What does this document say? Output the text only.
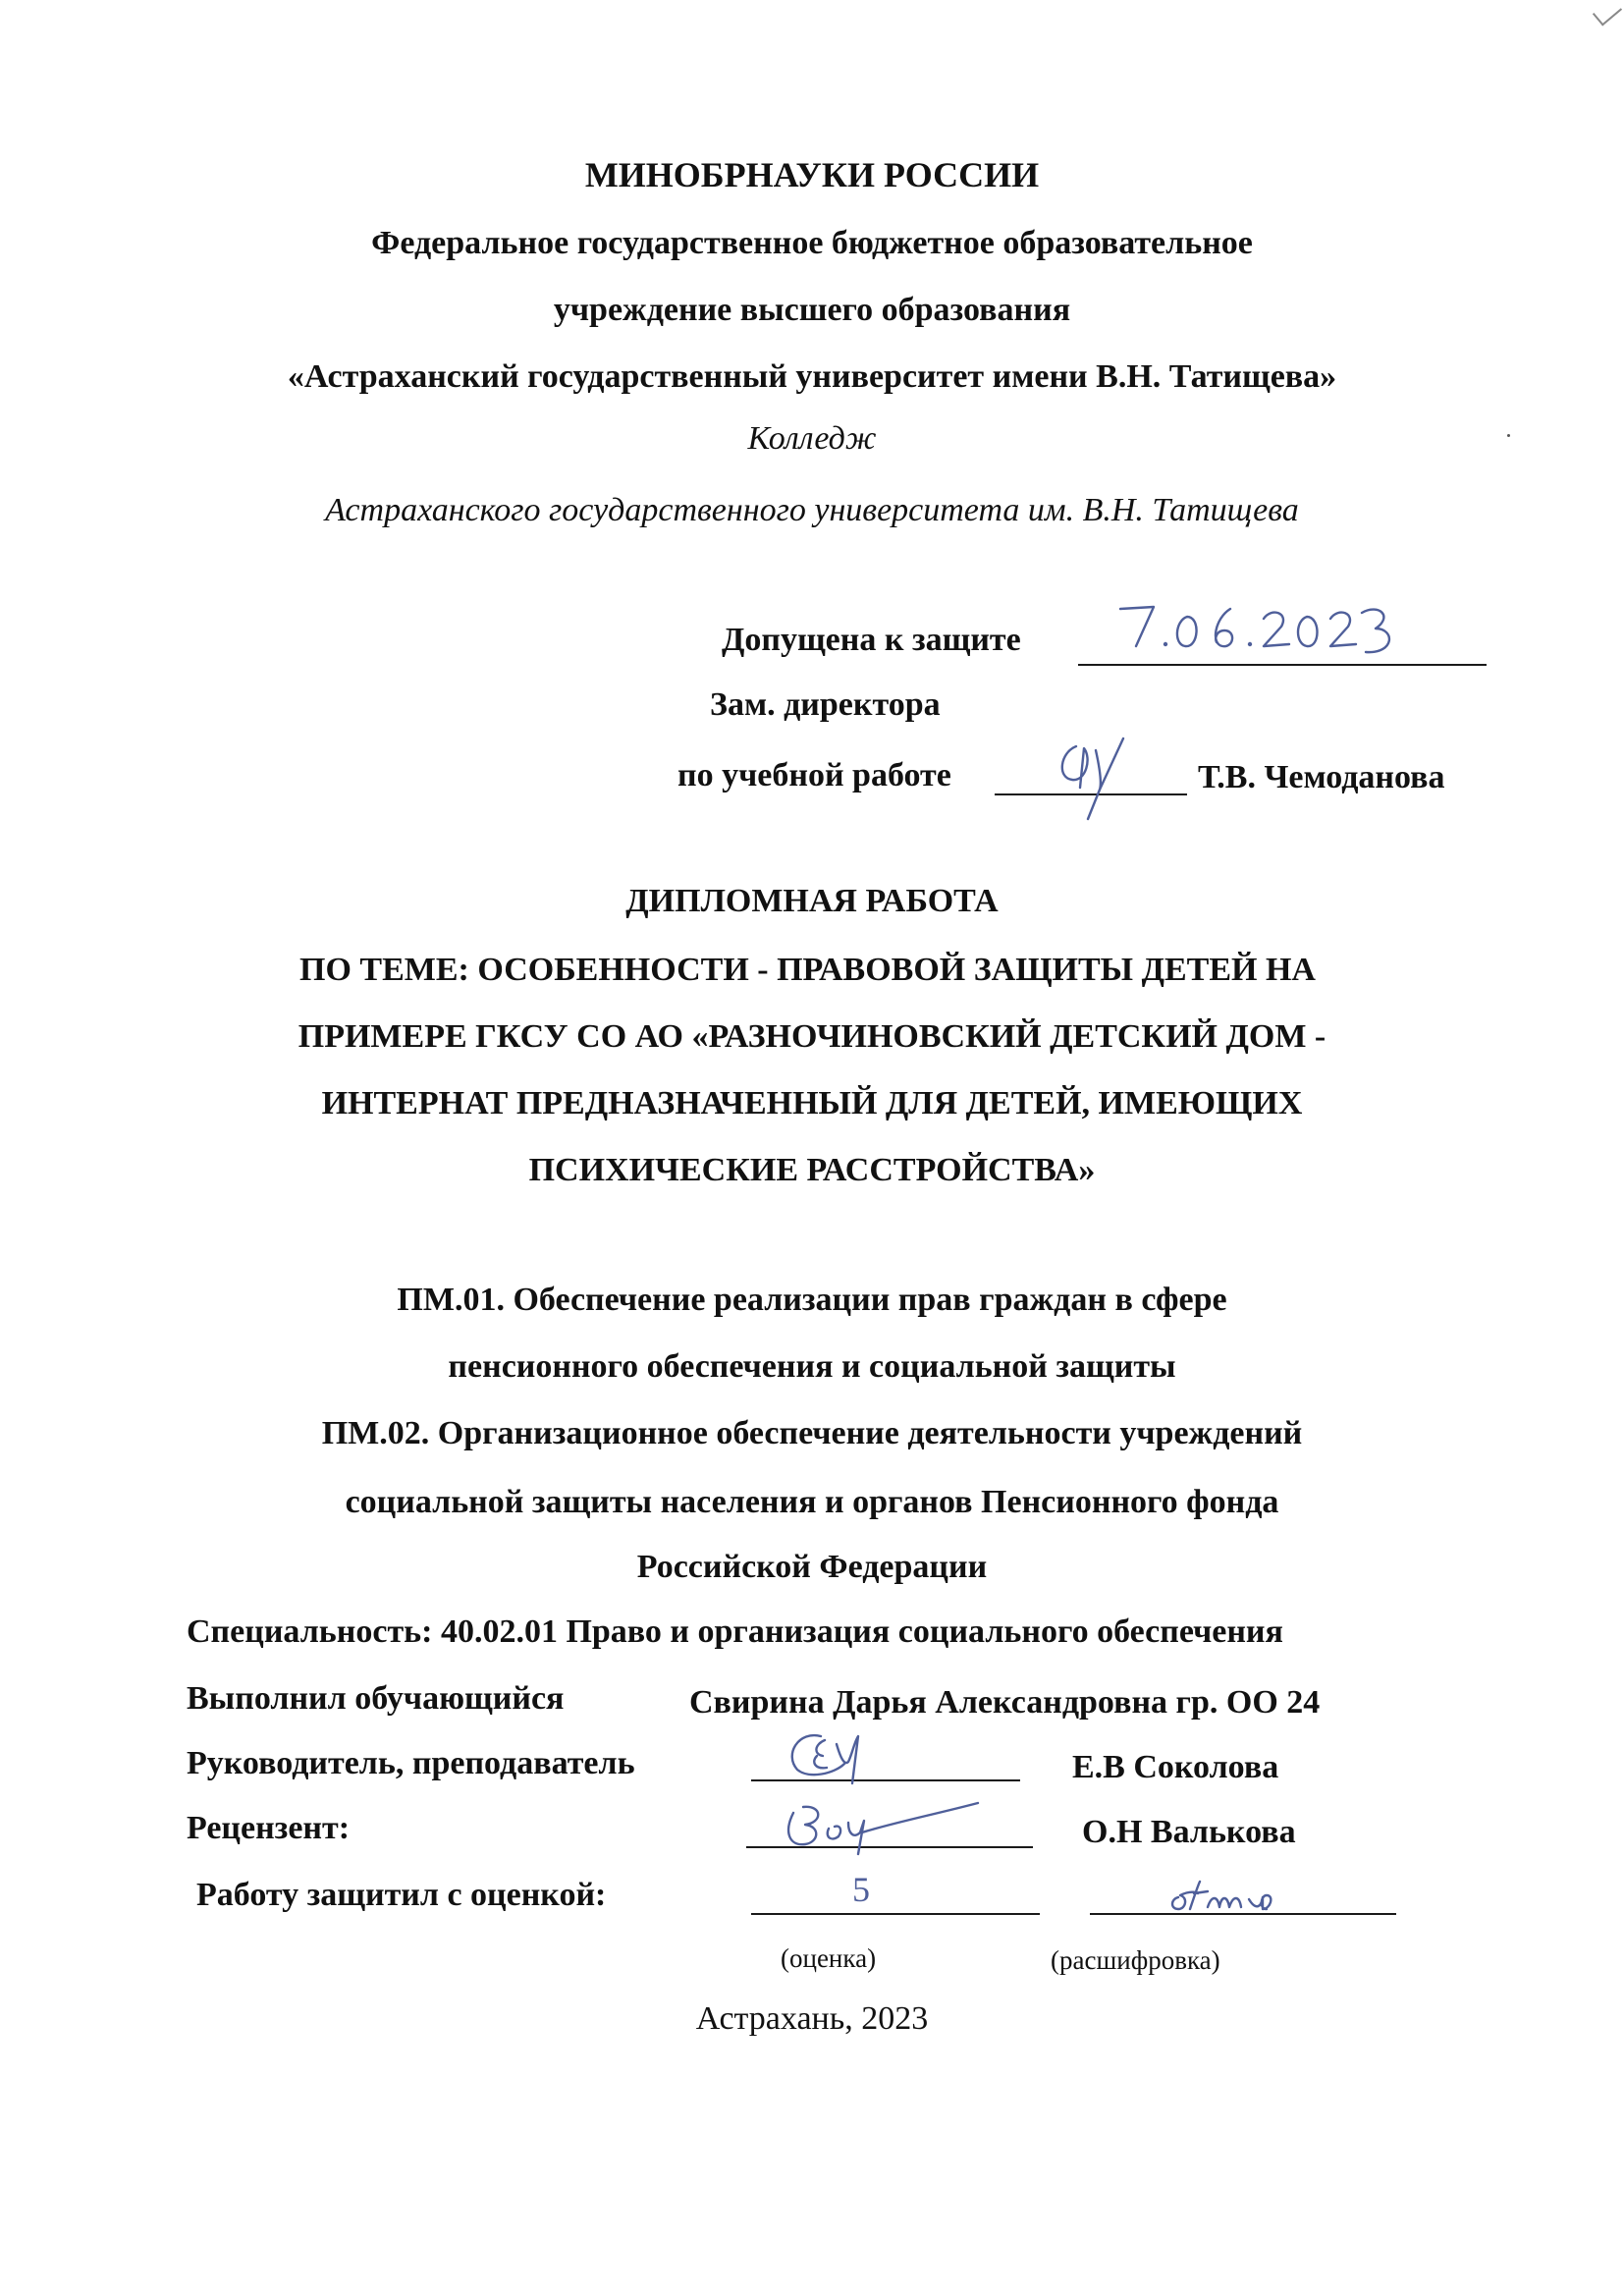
МИНОБРНАУКИ РОССИИ
Федеральное государственное бюджетное образовательное
учреждение высшего образования
«Астраханский государственный университет имени В.Н. Татищева»
Колледж
Астраханского государственного университета им. В.Н. Татищева
Допущена к защите
Зам. директора
по учебной работе	Т.В. Чемоданова
ДИПЛОМНАЯ РАБОТА
ПО ТЕМЕ: ОСОБЕННОСТИ - ПРАВОВОЙ ЗАЩИТЫ ДЕТЕЙ НА
ПРИМЕРЕ ГКСУ СО АО «РАЗНОЧИНОВСКИЙ ДЕТСКИЙ ДОМ -
ИНТЕРНАТ ПРЕДНАЗНАЧЕННЫЙ ДЛЯ ДЕТЕЙ, ИМЕЮЩИХ
ПСИХИЧЕСКИЕ РАССТРОЙСТВА»
ПМ.01. Обеспечение реализации прав граждан в сфере
пенсионного обеспечения и социальной защиты
ПМ.02. Организационное обеспечение деятельности учреждений
социальной защиты населения и органов Пенсионного фонда
Российской Федерации
Специальность: 40.02.01 Право и организация социального обеспечения
Выполнил обучающийся	Свирина Дарья Александровна гр. ОО 24
Руководитель, преподаватель	Е.В Соколова
Рецензент:	О.Н Валькова
Работу защитил с оценкой:	5
(оценка)	(расшифровка)
Астрахань, 2023
